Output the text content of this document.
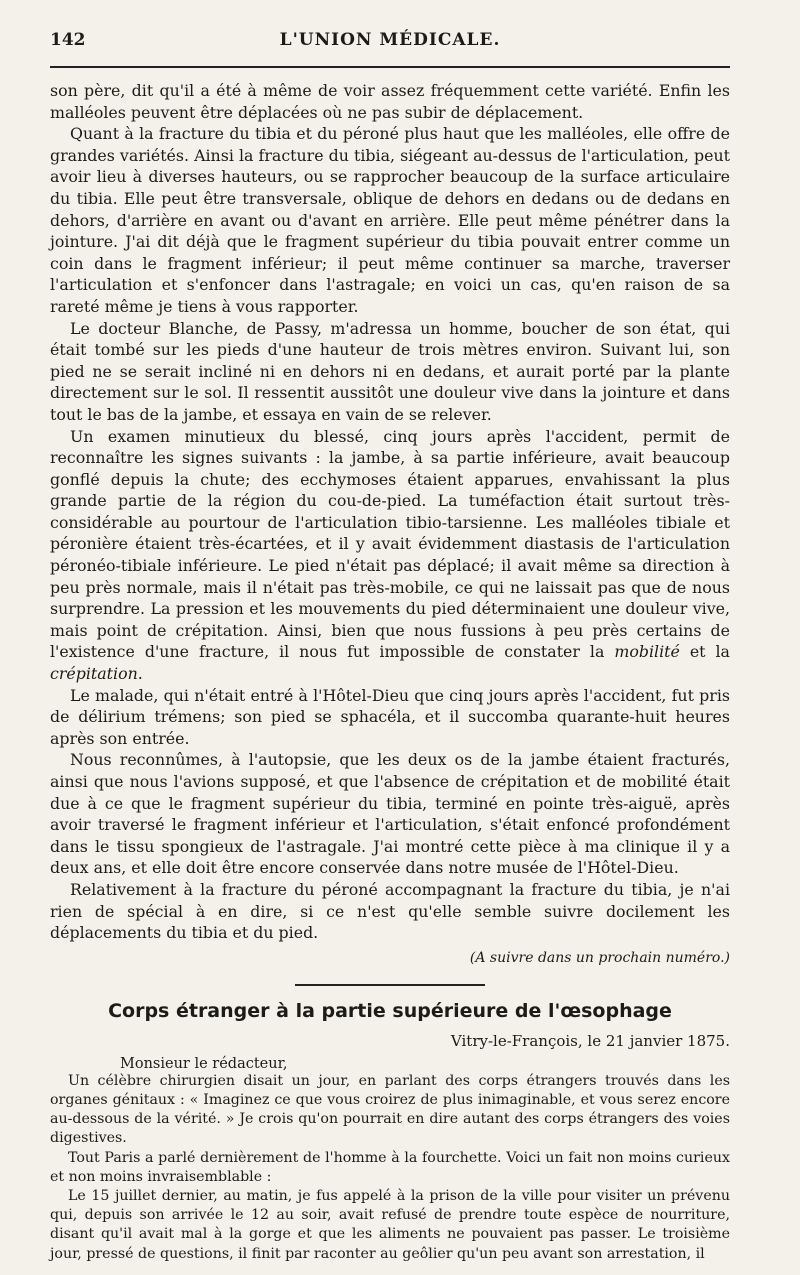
142	L'UNION MÉDICALE.

son père, dit qu'il a été à même de voir assez fréquemment cette variété. Enfin les malléoles peuvent être déplacées où ne pas subir de déplacement.

Quant à la fracture du tibia et du péroné plus haut que les malléoles, elle offre de grandes variétés. Ainsi la fracture du tibia, siégeant au-dessus de l'articulation, peut avoir lieu à diverses hauteurs, ou se rapprocher beaucoup de la surface articulaire du tibia. Elle peut être transversale, oblique de dehors en dedans ou de dedans en dehors, d'arrière en avant ou d'avant en arrière. Elle peut même pénétrer dans la jointure. J'ai dit déjà que le fragment supérieur du tibia pouvait entrer comme un coin dans le fragment inférieur; il peut même continuer sa marche, traverser l'articulation et s'enfoncer dans l'astragale; en voici un cas, qu'en raison de sa rareté même je tiens à vous rapporter.

Le docteur Blanche, de Passy, m'adressa un homme, boucher de son état, qui était tombé sur les pieds d'une hauteur de trois mètres environ. Suivant lui, son pied ne se serait incliné ni en dehors ni en dedans, et aurait porté par la plante directement sur le sol. Il ressentit aussitôt une douleur vive dans la jointure et dans tout le bas de la jambe, et essaya en vain de se relever.

Un examen minutieux du blessé, cinq jours après l'accident, permit de reconnaître les signes suivants : la jambe, à sa partie inférieure, avait beaucoup gonflé depuis la chute; des ecchymoses étaient apparues, envahissant la plus grande partie de la région du cou-de-pied. La tuméfaction était surtout très-considérable au pourtour de l'articulation tibio-tarsienne. Les malléoles tibiale et péronière étaient très-écartées, et il y avait évidemment diastasis de l'articulation péronéo-tibiale inférieure. Le pied n'était pas déplacé; il avait même sa direction à peu près normale, mais il n'était pas très-mobile, ce qui ne laissait pas que de nous surprendre. La pression et les mouvements du pied déterminaient une douleur vive, mais point de crépitation. Ainsi, bien que nous fussions à peu près certains de l'existence d'une fracture, il nous fut impossible de constater la mobilité et la crépitation.

Le malade, qui n'était entré à l'Hôtel-Dieu que cinq jours après l'accident, fut pris de délirium trémens; son pied se sphacéla, et il succomba quarante-huit heures après son entrée.

Nous reconnûmes, à l'autopsie, que les deux os de la jambe étaient fracturés, ainsi que nous l'avions supposé, et que l'absence de crépitation et de mobilité était due à ce que le fragment supérieur du tibia, terminé en pointe très-aiguë, après avoir traversé le fragment inférieur et l'articulation, s'était enfoncé profondément dans le tissu spongieux de l'astragale. J'ai montré cette pièce à ma clinique il y a deux ans, et elle doit être encore conservée dans notre musée de l'Hôtel-Dieu.

Relativement à la fracture du péroné accompagnant la fracture du tibia, je n'ai rien de spécial à en dire, si ce n'est qu'elle semble suivre docilement les déplacements du tibia et du pied.

(A suivre dans un prochain numéro.)
Corps étranger à la partie supérieure de l'œsophage
Vitry-le-François, le 21 janvier 1875.
Monsieur le rédacteur,

Un célèbre chirurgien disait un jour, en parlant des corps étrangers trouvés dans les organes génitaux : « Imaginez ce que vous croirez de plus inimaginable, et vous serez encore au-dessous de la vérité. » Je crois qu'on pourrait en dire autant des corps étrangers des voies digestives.

Tout Paris a parlé dernièrement de l'homme à la fourchette. Voici un fait non moins curieux et non moins invraisemblable :

Le 15 juillet dernier, au matin, je fus appelé à la prison de la ville pour visiter un prévenu qui, depuis son arrivée le 12 au soir, avait refusé de prendre toute espèce de nourriture, disant qu'il avait mal à la gorge et que les aliments ne pouvaient pas passer. Le troisième jour, pressé de questions, il finit par raconter au geôlier qu'un peu avant son arrestation, il
